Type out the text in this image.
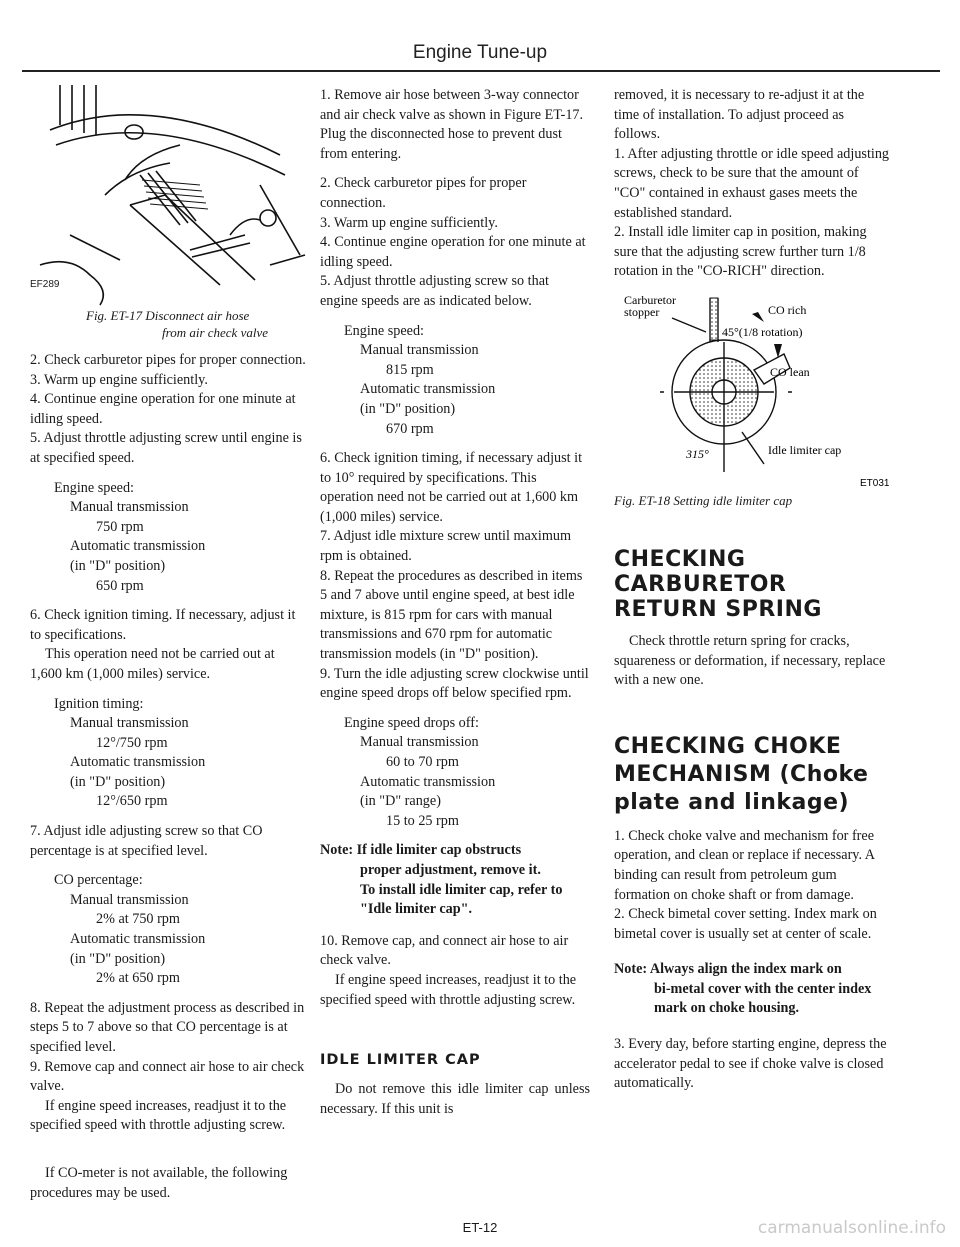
Engine Tune-up
EF289
Fig. ET-17 Disconnect air hose
from air check valve

2. Check carburetor pipes for proper connection.

3. Warm up engine sufficiently.

4. Continue engine operation for one minute at idling speed.

5. Adjust throttle adjusting screw until engine is at specified speed.

Engine speed:
Manual transmission
750 rpm
Automatic transmission
(in "D" position)
650 rpm

6. Check ignition timing. If necessary, adjust it to specifications.

This operation need not be carried out at 1,600 km (1,000 miles) service.

Ignition timing:
Manual transmission
12°/750 rpm
Automatic transmission
(in "D" position)
12°/650 rpm

7. Adjust idle adjusting screw so that CO percentage is at specified level.

CO percentage:
Manual transmission
2% at 750 rpm
Automatic transmission
(in "D" position)
2% at 650 rpm

8. Repeat the adjustment process as described in steps 5 to 7 above so that CO percentage is at specified level.

9. Remove cap and connect air hose to air check valve.

If engine speed increases, readjust it to the specified speed with throttle adjusting screw.

If CO-meter is not available, the following procedures may be used.

1. Remove air hose between 3-way connector and air check valve as shown in Figure ET-17. Plug the disconnected hose to prevent dust from entering.

2. Check carburetor pipes for proper connection.

3. Warm up engine sufficiently.

4. Continue engine operation for one minute at idling speed.

5. Adjust throttle adjusting screw so that engine speeds are as indicated below.

Engine speed:
Manual transmission
815 rpm
Automatic transmission
(in "D" position)
670 rpm

6. Check ignition timing, if necessary adjust it to 10° required by specifications. This operation need not be carried out at 1,600 km (1,000 miles) service.

7. Adjust idle mixture screw until maximum rpm is obtained.

8. Repeat the procedures as described in items 5 and 7 above until engine speed, at best idle mixture, is 815 rpm for cars with manual transmissions and 670 rpm for automatic transmission models (in "D" position).

9. Turn the idle adjusting screw clockwise until engine speed drops off below specified rpm.

Engine speed drops off:
Manual transmission
60 to 70 rpm
Automatic transmission
(in "D" range)
15 to 25 rpm
Note: If idle limiter cap obstructs
proper adjustment, remove it.
To install idle limiter cap, refer to
"Idle limiter cap".

10. Remove cap, and connect air hose to air check valve.

If engine speed increases, readjust it to the specified speed with throttle adjusting screw.

IDLE LIMITER CAP

Do not remove this idle limiter cap unless necessary. If this unit is

removed, it is necessary to re-adjust it at the time of installation. To adjust proceed as follows.

1. After adjusting throttle or idle speed adjusting screws, check to be sure that the amount of "CO" contained in exhaust gases meets the established standard.

2. Install idle limiter cap in position, making sure that the adjusting screw further turn 1/8 rotation in the "CO-RICH" direction.

Carburetor
stopper	CO rich
45°(1/8 rotation)
CO lean
315°	Idle limiter cap
ET031

Fig. ET-18 Setting idle limiter cap

CHECKING CARBURETOR RETURN SPRING

Check throttle return spring for cracks, squareness or deformation, if necessary, replace with a new one.

CHECKING CHOKE
MECHANISM (Choke
plate and linkage)

1. Check choke valve and mechanism for free operation, and clean or replace if necessary. A binding can result from petroleum gum formation on choke shaft or from damage.

2. Check bimetal cover setting. Index mark on bimetal cover is usually set at center of scale.

Note: Always align the index mark on
bi-metal cover with the center index mark on choke housing.

3. Every day, before starting engine, depress the accelerator pedal to see if choke valve is closed automatically.

ET-12	carmanualsonline.info
